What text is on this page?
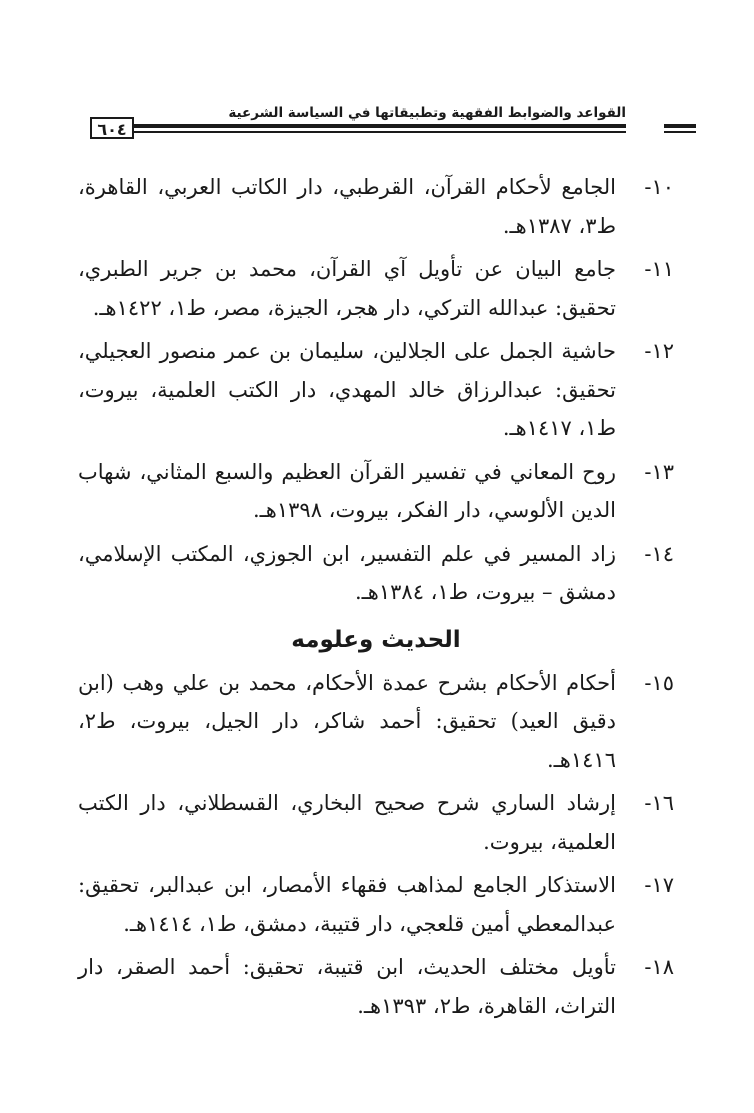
القواعد والضوابط الفقهية وتطبيقاتها في السياسة الشرعية
٦٠٤
١٠-
الجامع لأحكام القرآن، القرطبي، دار الكاتب العربي، القاهرة، ط٣، ١٣٨٧هـ.
١١-
جامع البيان عن تأويل آي القرآن، محمد بن جرير الطبري، تحقيق: عبدالله التركي، دار هجر، الجيزة، مصر، ط١، ١٤٢٢هـ.
١٢-
حاشية الجمل على الجلالين، سليمان بن عمر منصور العجيلي، تحقيق: عبدالرزاق خالد المهدي، دار الكتب العلمية، بيروت، ط١، ١٤١٧هـ.
١٣-
روح المعاني في تفسير القرآن العظيم والسبع المثاني، شهاب الدين الألوسي، دار الفكر، بيروت، ١٣٩٨هـ.
١٤-
زاد المسير في علم التفسير، ابن الجوزي، المكتب الإسلامي، دمشق – بيروت، ط١، ١٣٨٤هـ.
الحديث وعلومه
١٥-
أحكام الأحكام بشرح عمدة الأحكام، محمد بن علي وهب (ابن دقيق العيد) تحقيق: أحمد شاكر، دار الجيل، بيروت، ط٢، ١٤١٦هـ.
١٦-
إرشاد الساري شرح صحيح البخاري، القسطلاني، دار الكتب العلمية، بيروت.
١٧-
الاستذكار الجامع لمذاهب فقهاء الأمصار، ابن عبدالبر، تحقيق: عبدالمعطي أمين قلعجي، دار قتيبة، دمشق، ط١، ١٤١٤هـ.
١٨-
تأويل مختلف الحديث، ابن قتيبة، تحقيق: أحمد الصقر، دار التراث، القاهرة، ط٢، ١٣٩٣هـ.
